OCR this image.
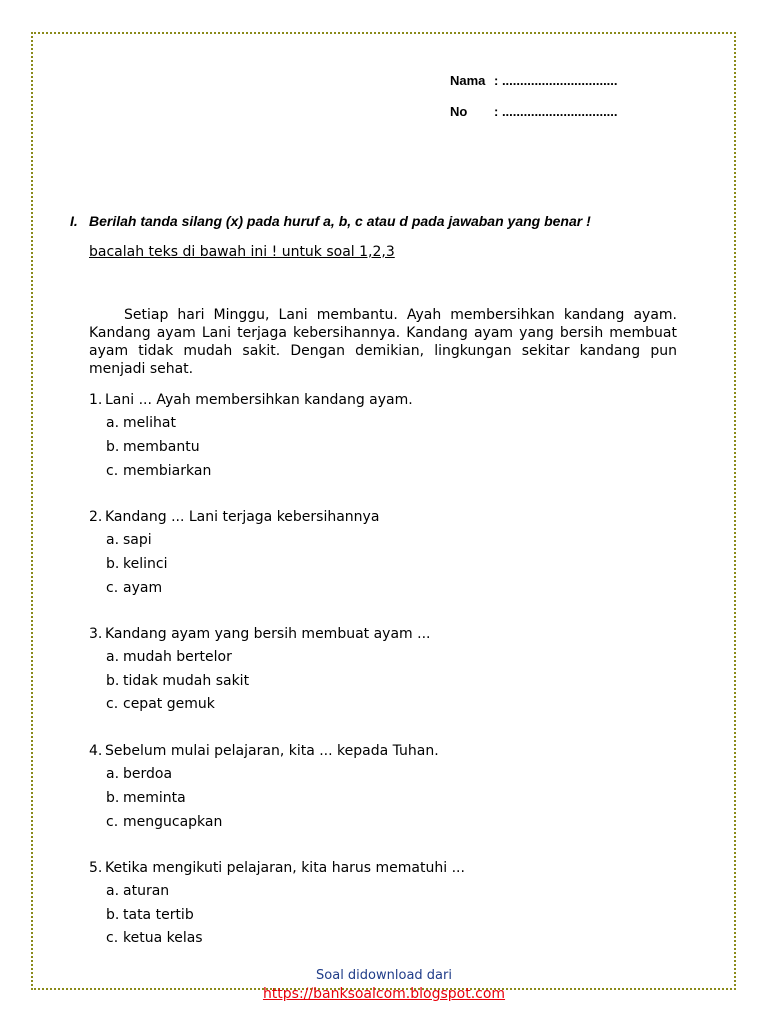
Nama : ................................
No : ................................
I. Berilah tanda silang (x) pada huruf a, b, c atau d pada jawaban yang benar !
bacalah teks di bawah ini ! untuk soal 1,2,3

Setiap hari Minggu, Lani membantu. Ayah membersihkan kandang ayam. Kandang ayam Lani terjaga kebersihannya. Kandang ayam yang bersih membuat ayam tidak mudah sakit. Dengan demikian, lingkungan sekitar kandang pun menjadi sehat.

1. Lani ... Ayah membersihkan kandang ayam.
a. melihat
b. membantu
c. membiarkan
2. Kandang ... Lani terjaga kebersihannya
a. sapi
b. kelinci
c. ayam
3. Kandang ayam yang bersih membuat ayam ...
a. mudah bertelor
b. tidak mudah sakit
c. cepat gemuk
4. Sebelum mulai pelajaran, kita ... kepada Tuhan.
a. berdoa
b. meminta
c. mengucapkan
5. Ketika mengikuti pelajaran, kita harus mematuhi ...
a. aturan
b. tata tertib
c. ketua kelas
Soal didownload dari
https://banksoalcom.blogspot.com
